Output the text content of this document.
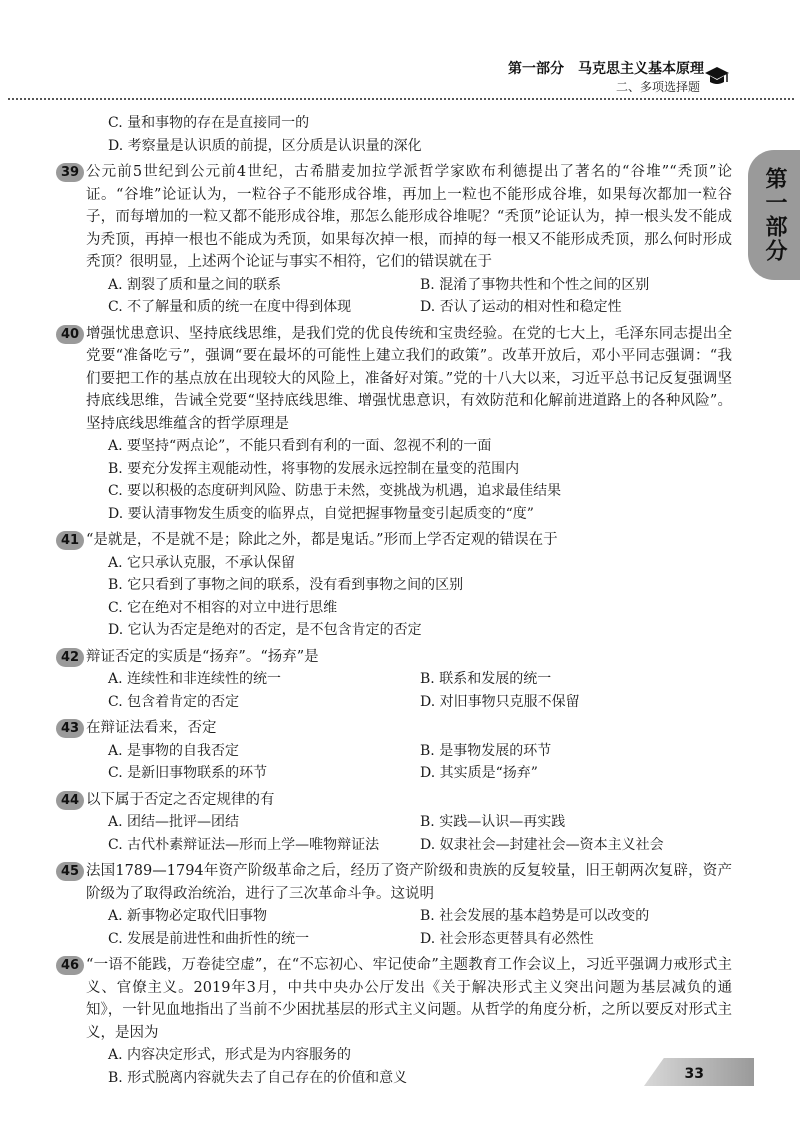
第一部分　马克思主义基本原理
二、多项选择题
第一部分
C. 量和事物的存在是直接同一的
D. 考察量是认识质的前提，区分质是认识量的深化
39 公元前5世纪到公元前4世纪，古希腊麦加拉学派哲学家欧布利德提出了著名的“谷堆”“秃顶”论证。“谷堆”论证认为，一粒谷子不能形成谷堆，再加上一粒也不能形成谷堆，如果每次都加一粒谷子，而每增加的一粒又都不能形成谷堆，那怎么能形成谷堆呢？“秃顶”论证认为，掉一根头发不能成为秃顶，再掉一根也不能成为秃顶，如果每次掉一根，而掉的每一根又不能形成秃顶，那么何时形成秃顶？很明显，上述两个论证与事实不相符，它们的错误就在于
A. 割裂了质和量之间的联系	B. 混淆了事物共性和个性之间的区别
C. 不了解量和质的统一在度中得到体现	D. 否认了运动的相对性和稳定性
40 增强忧患意识、坚持底线思维，是我们党的优良传统和宝贵经验。在党的七大上，毛泽东同志提出全党要“准备吃亏”，强调“要在最坏的可能性上建立我们的政策”。改革开放后，邓小平同志强调：“我们要把工作的基点放在出现较大的风险上，准备好对策。”党的十八大以来，习近平总书记反复强调坚持底线思维，告诫全党要“坚持底线思维、增强忧患意识，有效防范和化解前进道路上的各种风险”。坚持底线思维蕴含的哲学原理是
A. 要坚持“两点论”，不能只看到有利的一面、忽视不利的一面
B. 要充分发挥主观能动性，将事物的发展永远控制在量变的范围内
C. 要以积极的态度研判风险、防患于未然，变挑战为机遇，追求最佳结果
D. 要认清事物发生质变的临界点，自觉把握事物量变引起质变的“度”
41 “是就是，不是就不是；除此之外，都是鬼话。”形而上学否定观的错误在于
A. 它只承认克服，不承认保留
B. 它只看到了事物之间的联系，没有看到事物之间的区别
C. 它在绝对不相容的对立中进行思维
D. 它认为否定是绝对的否定，是不包含肯定的否定
42 辩证否定的实质是“扬弃”。“扬弃”是
A. 连续性和非连续性的统一	B. 联系和发展的统一
C. 包含着肯定的否定	D. 对旧事物只克服不保留
43 在辩证法看来，否定
A. 是事物的自我否定	B. 是事物发展的环节
C. 是新旧事物联系的环节	D. 其实质是“扬弃”
44 以下属于否定之否定规律的有
A. 团结—批评—团结	B. 实践—认识—再实践
C. 古代朴素辩证法—形而上学—唯物辩证法	D. 奴隶社会—封建社会—资本主义社会
45 法国1789—1794年资产阶级革命之后，经历了资产阶级和贵族的反复较量，旧王朝两次复辟，资产阶级为了取得政治统治，进行了三次革命斗争。这说明
A. 新事物必定取代旧事物	B. 社会发展的基本趋势是可以改变的
C. 发展是前进性和曲折性的统一	D. 社会形态更替具有必然性
46 “一语不能践，万卷徒空虚”，在“不忘初心、牢记使命”主题教育工作会议上，习近平强调力戒形式主义、官僚主义。2019年3月，中共中央办公厅发出《关于解决形式主义突出问题为基层减负的通知》，一针见血地指出了当前不少困扰基层的形式主义问题。从哲学的角度分析，之所以要反对形式主义，是因为
A. 内容决定形式，形式是为内容服务的
B. 形式脱离内容就失去了自己存在的价值和意义	33
